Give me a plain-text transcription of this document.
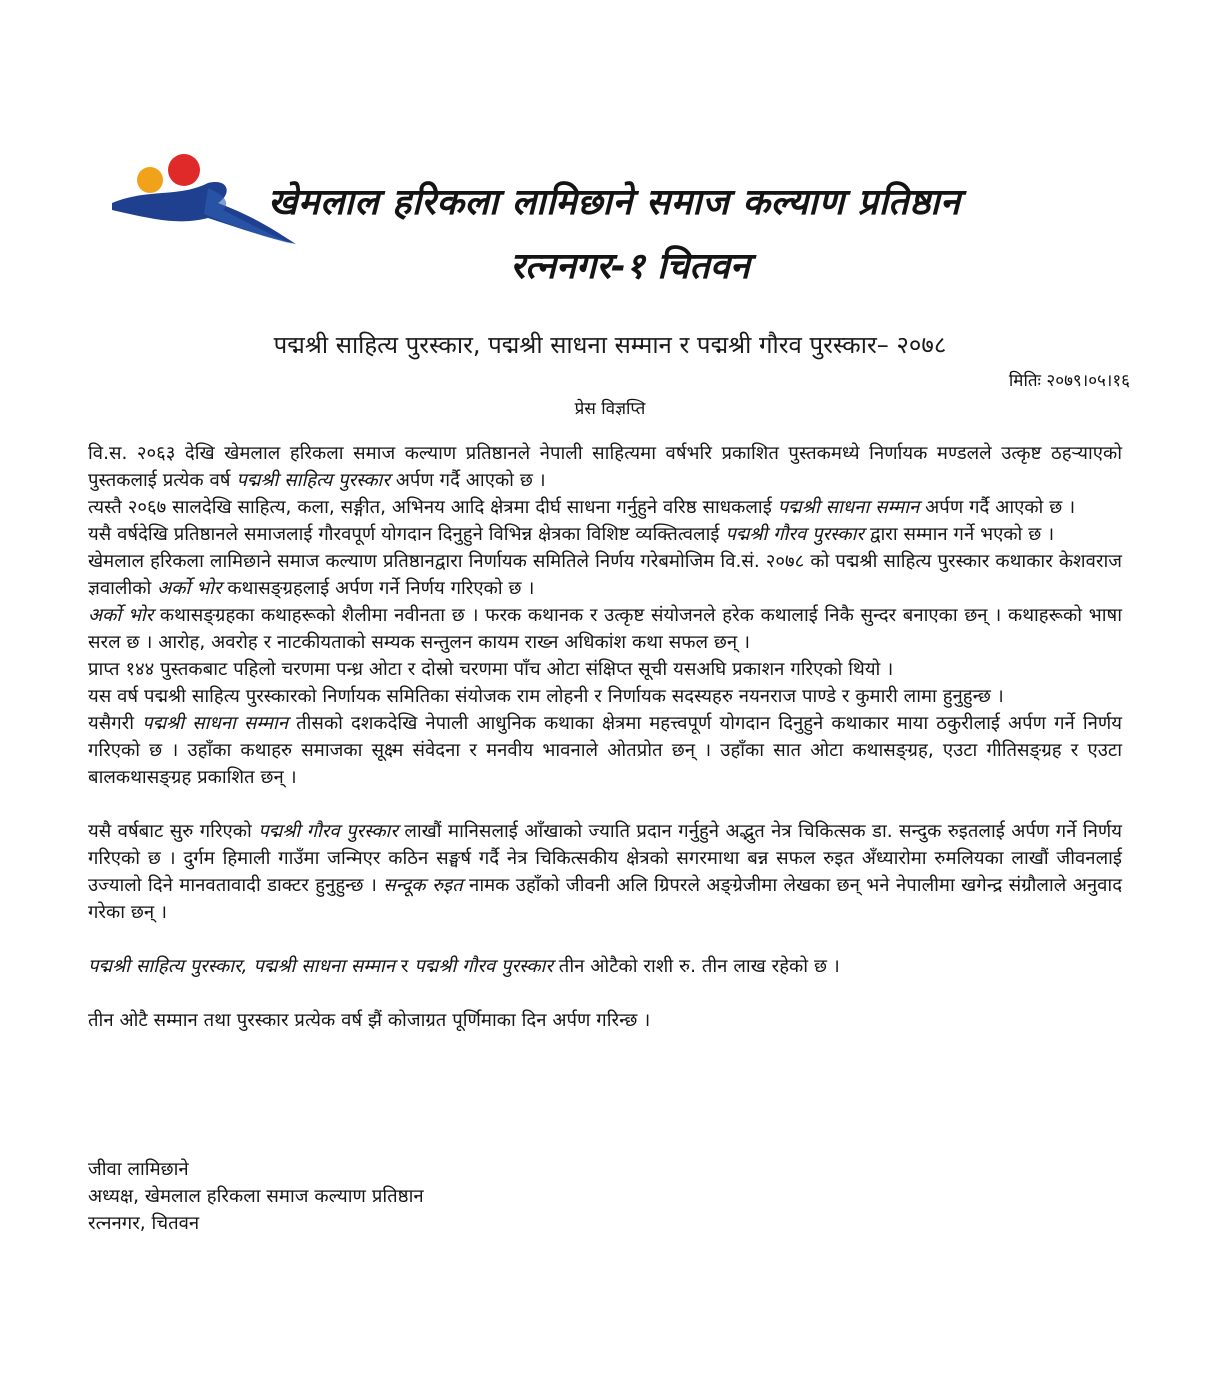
खेमलाल हरिकला लामिछाने समाज कल्याण प्रतिष्ठान
रत्ननगर-१ चितवन
पद्मश्री साहित्य पुरस्कार, पद्मश्री साधना सम्मान र पद्मश्री गौरव पुरस्कार– २०७८
मितिः २०७९।०५।१६
प्रेस विज्ञप्ति

वि.स. २०६३ देखि खेमलाल हरिकला समाज कल्याण प्रतिष्ठानले नेपाली साहित्यमा वर्षभरि प्रकाशित पुस्तकमध्ये निर्णायक मण्डलले उत्कृष्ट ठहऱ्याएको पुस्तकलाई प्रत्येक वर्ष पद्मश्री साहित्य पुरस्कार अर्पण गर्दै आएको छ ।

त्यस्तै २०६७ सालदेखि साहित्य, कला, सङ्गीत, अभिनय आदि क्षेत्रमा दीर्घ साधना गर्नुहुने वरिष्ठ साधकलाई पद्मश्री साधना सम्मान अर्पण गर्दै आएको छ ।

यसै वर्षदेखि प्रतिष्ठानले समाजलाई गौरवपूर्ण योगदान दिनुहुने विभिन्न क्षेत्रका विशिष्ट व्यक्तित्वलाई पद्मश्री गौरव पुरस्कार द्वारा सम्मान गर्ने भएको छ ।

खेमलाल हरिकला लामिछाने समाज कल्याण प्रतिष्ठानद्वारा निर्णायक समितिले निर्णय गरेबमोजिम वि.सं. २०७८ को पद्मश्री साहित्य पुरस्कार कथाकार केशवराज ज्ञवालीको अर्को भोर कथासङ्ग्रहलाई अर्पण गर्ने निर्णय गरिएको छ ।

अर्को भोर कथासङ्ग्रहका कथाहरूको शैलीमा नवीनता छ । फरक कथानक र उत्कृष्ट संयोजनले हरेक कथालाई निकै सुन्दर बनाएका छन् । कथाहरूको भाषा सरल छ । आरोह, अवरोह र नाटकीयताको सम्यक सन्तुलन कायम राख्न अधिकांश कथा सफल छन् ।

प्राप्त १४४ पुस्तकबाट पहिलो चरणमा पन्ध्र ओटा र दोस्रो चरणमा पाँच ओटा संक्षिप्त सूची यसअघि प्रकाशन गरिएको थियो ।

यस वर्ष पद्मश्री साहित्य पुरस्कारको निर्णायक समितिका संयोजक राम लोहनी र निर्णायक सदस्यहरु नयनराज पाण्डे र कुमारी लामा हुनुहुन्छ ।

यसैगरी पद्मश्री साधना सम्मान तीसको दशकदेखि नेपाली आधुनिक कथाका क्षेत्रमा महत्त्वपूर्ण योगदान दिनुहुने कथाकार माया ठकुरीलाई अर्पण गर्ने निर्णय गरिएको छ । उहाँका कथाहरु समाजका सूक्ष्म संवेदना र मनवीय भावनाले ओतप्रोत छन् । उहाँका सात ओटा कथासङ्ग्रह, एउटा गीतिसङ्ग्रह र एउटा बालकथासङ्ग्रह प्रकाशित छन् ।

यसै वर्षबाट सुरु गरिएको पद्मश्री गौरव पुरस्कार लाखौं मानिसलाई आँखाको ज्याति प्रदान गर्नुहुने अद्भुत नेत्र चिकित्सक डा. सन्दुक रुइतलाई अर्पण गर्ने निर्णय गरिएको छ । दुर्गम हिमाली गाउँमा जन्मिएर कठिन सङ्घर्ष गर्दै नेत्र चिकित्सकीय क्षेत्रको सगरमाथा बन्न सफल रुइत अँध्यारोमा रुमलियका लाखौं जीवनलाई उज्यालो दिने मानवतावादी डाक्टर हुनुहुन्छ । सन्दूक रुइत नामक उहाँको जीवनी अलि ग्रिपरले अङ्ग्रेजीमा लेखका छन् भने नेपालीमा खगेन्द्र संग्रौलाले अनुवाद गरेका छन् ।

पद्मश्री साहित्य पुरस्कार, पद्मश्री साधना सम्मान र पद्मश्री गौरव पुरस्कार तीन ओटैको राशी रु. तीन लाख रहेको छ ।

तीन ओटै सम्मान तथा पुरस्कार प्रत्येक वर्ष झैं कोजाग्रत पूर्णिमाका दिन अर्पण गरिन्छ ।

जीवा लामिछाने
अध्यक्ष, खेमलाल हरिकला समाज कल्याण प्रतिष्ठान
रत्ननगर, चितवन
